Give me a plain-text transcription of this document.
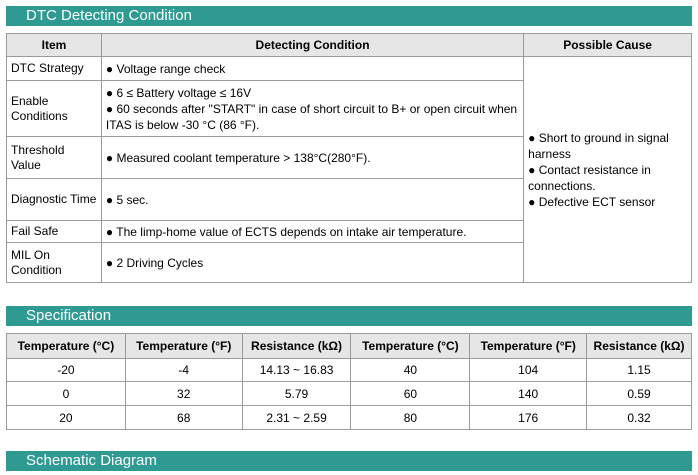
DTC Detecting Condition
Item	Detecting Condition	Possible Cause
DTC Strategy	● Voltage range check	● Short to ground in signal harness
● Contact resistance in connections.
● Defective ECT sensor

Enable Conditions	● 6 ≤ Battery voltage ≤ 16V
● 60 seconds after "START" in case of short circuit to B+ or open circuit when ITAS is below -30 °C (86 °F).	

Threshold Value	● Measured coolant temperature > 138°C(280°F).	
Diagnostic Time	● 5 sec.	
Fail Safe	● The limp-home value of ECTS depends on intake air temperature.	
MIL On Condition	● 2 Driving Cycles	
Specification
Temperature (°C)	Temperature (°F)	Resistance (kΩ)	Temperature (°C)	Temperature (°F)	Resistance (kΩ)
-20	-4	14.13 ~ 16.83	40	104	1.15
0	32	5.79	60	140	0.59
20	68	2.31 ~ 2.59	80	176	0.32
Schematic Diagram
